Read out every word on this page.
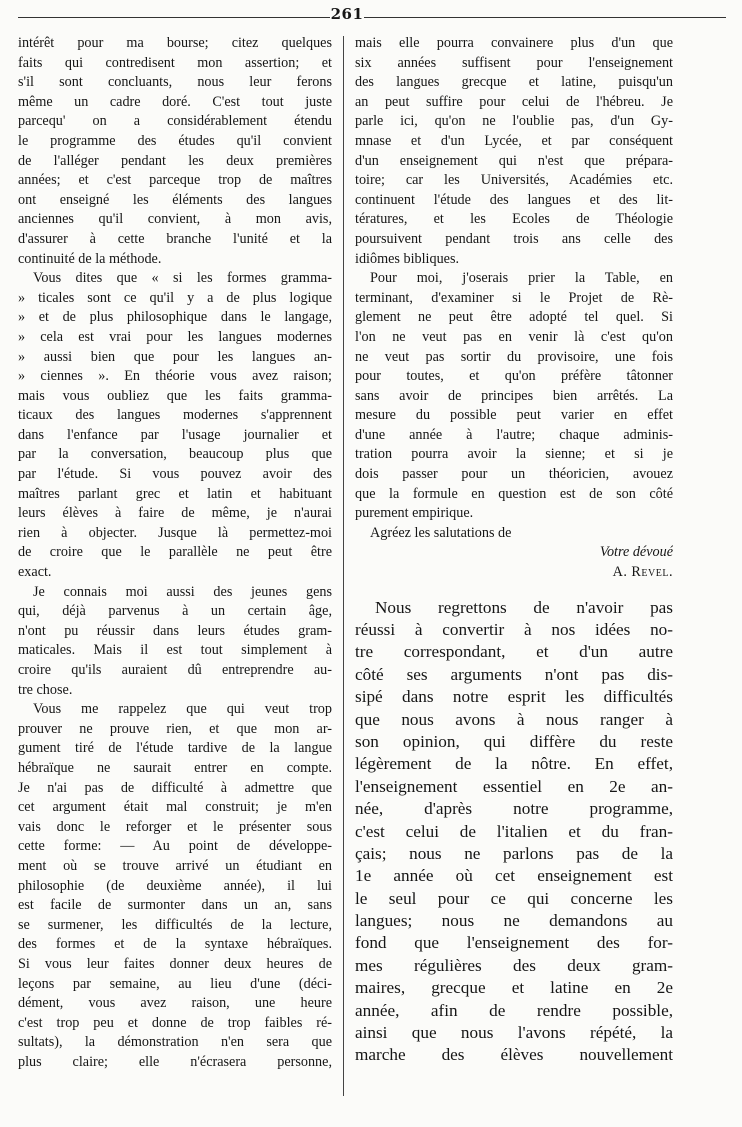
261
intérêt pour ma bourse; citez quelques
faits qui contredisent mon assertion; et
s'il sont concluants, nous leur ferons
même un cadre doré. C'est tout juste
parcequ' on a considérablement étendu
le programme des études qu'il convient
de l'alléger pendant les deux premières
années; et c'est parceque trop de maîtres
ont enseigné les éléments des langues
anciennes qu'il convient, à mon avis,
d'assurer à cette branche l'unité et la
continuité de la méthode.
Vous dites que « si les formes gramma-
» ticales sont ce qu'il y a de plus logique
» et de plus philosophique dans le langage,
» cela est vrai pour les langues modernes
» aussi bien que pour les langues an-
» ciennes ». En théorie vous avez raison;
mais vous oubliez que les faits gramma-
ticaux des langues modernes s'apprennent
dans l'enfance par l'usage journalier et
par la conversation, beaucoup plus que
par l'étude. Si vous pouvez avoir des
maîtres parlant grec et latin et habituant
leurs élèves à faire de même, je n'aurai
rien à objecter. Jusque là permettez-moi
de croire que le parallèle ne peut être
exact.
Je connais moi aussi des jeunes gens
qui, déjà parvenus à un certain âge,
n'ont pu réussir dans leurs études gram-
maticales. Mais il est tout simplement à
croire qu'ils auraient dû entreprendre au-
tre chose.
Vous me rappelez que qui veut trop
prouver ne prouve rien, et que mon ar-
gument tiré de l'étude tardive de la langue
hébraïque ne saurait entrer en compte.
Je n'ai pas de difficulté à admettre que
cet argument était mal construit; je m'en
vais donc le reforger et le présenter sous
cette forme: — Au point de développe-
ment où se trouve arrivé un étudiant en
philosophie (de deuxième année), il lui
est facile de surmonter dans un an, sans
se surmener, les difficultés de la lecture,
des formes et de la syntaxe hébraïques.
Si vous leur faites donner deux heures de
leçons par semaine, au lieu d'une (déci-
dément, vous avez raison, une heure
c'est trop peu et donne de trop faibles ré-
sultats), la démonstration n'en sera que
plus claire; elle n'écrasera personne,
mais elle pourra convainere plus d'un que
six années suffisent pour l'enseignement
des langues grecque et latine, puisqu'un
an peut suffire pour celui de l'hébreu. Je
parle ici, qu'on ne l'oublie pas, d'un Gy-
mnase et d'un Lycée, et par conséquent
d'un enseignement qui n'est que prépara-
toire; car les Universités, Académies etc.
continuent l'étude des langues et des lit-
tératures, et les Ecoles de Théologie
poursuivent pendant trois ans celle des
idiômes bibliques.
Pour moi, j'oserais prier la Table, en
terminant, d'examiner si le Projet de Rè-
glement ne peut être adopté tel quel. Si
l'on ne veut pas en venir là c'est qu'on
ne veut pas sortir du provisoire, une fois
pour toutes, et qu'on préfère tâtonner
sans avoir de principes bien arrêtés. La
mesure du possible peut varier en effet
d'une année à l'autre; chaque adminis-
tration pourra avoir la sienne; et si je
dois passer pour un théoricien, avouez
que la formule en question est de son côté
purement empirique.
Agréez les salutations de
Votre dévoué
A. Revel.
Nous regrettons de n'avoir pas
réussi à convertir à nos idées no-
tre correspondant, et d'un autre
côté ses arguments n'ont pas dis-
sipé dans notre esprit les difficultés
que nous avons à nous ranger à
son opinion, qui diffère du reste
légèrement de la nôtre. En effet,
l'enseignement essentiel en 2e an-
née, d'après notre programme,
c'est celui de l'italien et du fran-
çais; nous ne parlons pas de la
1e année où cet enseignement est
le seul pour ce qui concerne les
langues; nous ne demandons au
fond que l'enseignement des for-
mes régulières des deux gram-
maires, grecque et latine en 2e
année, afin de rendre possible,
ainsi que nous l'avons répété, la
marche des élèves nouvellement
